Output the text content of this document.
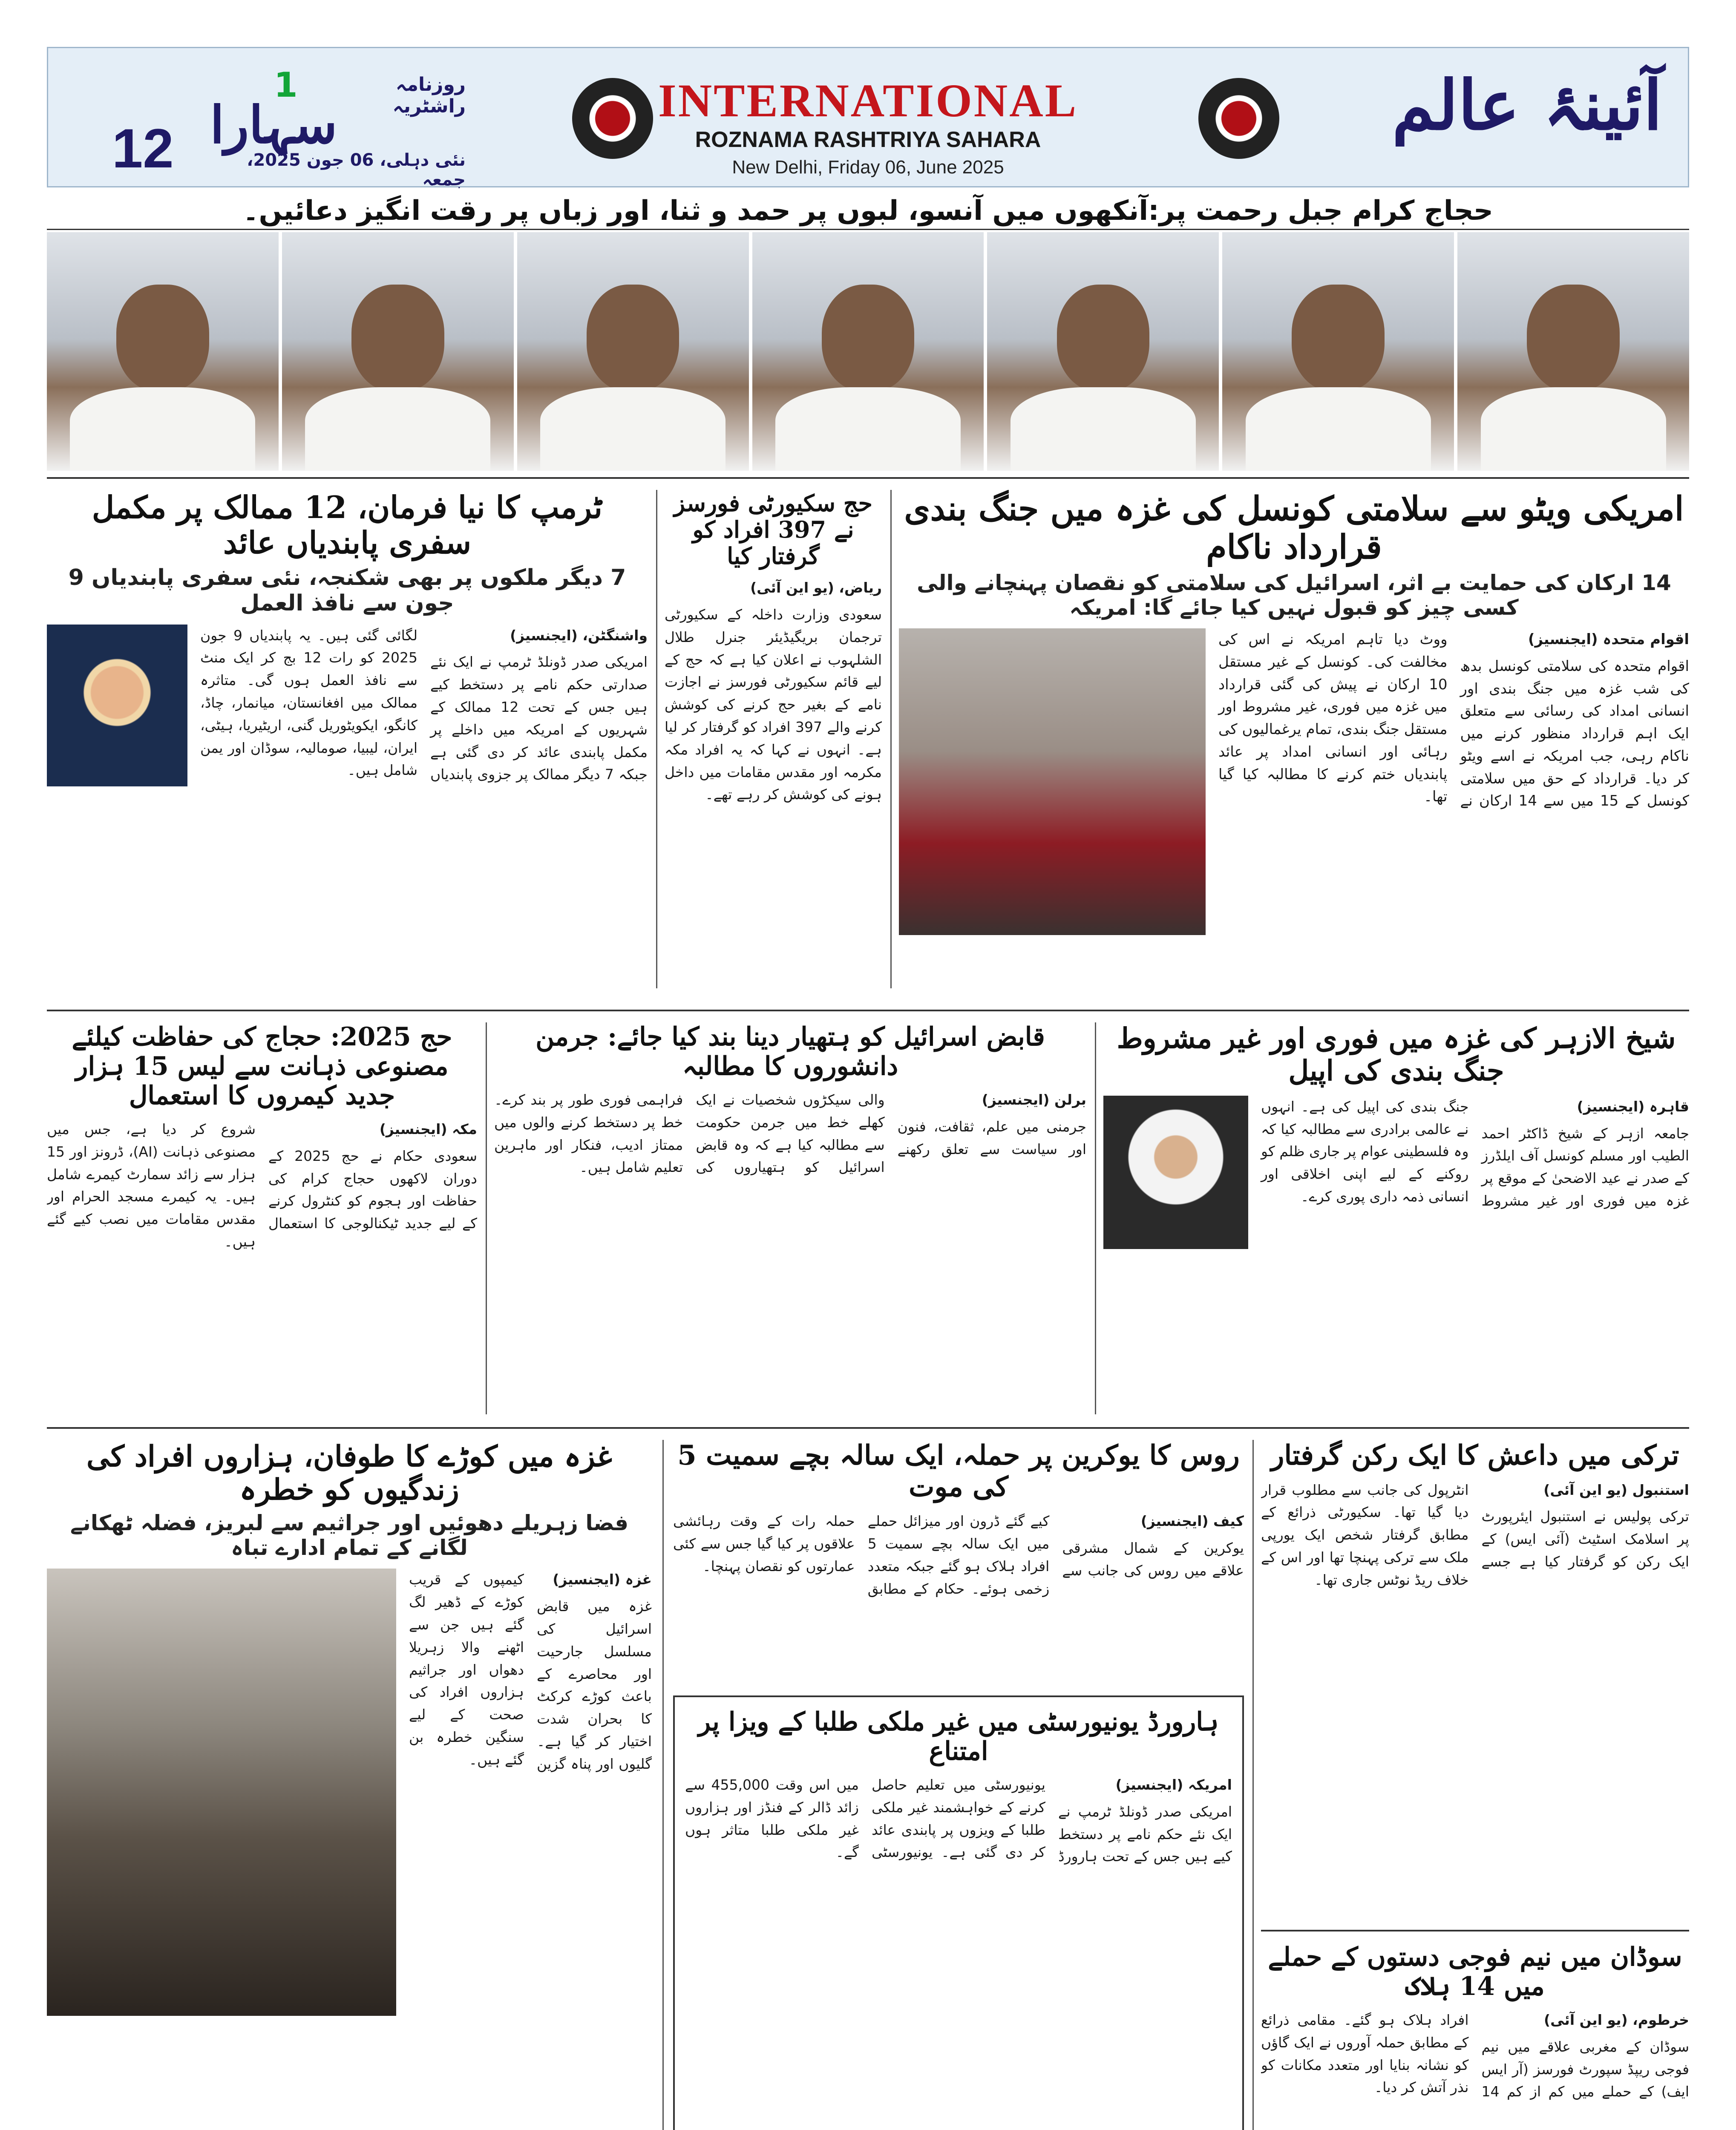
آئینۂ عالم
INTERNATIONAL
ROZNAMA RASHTRIYA SAHARA
New Delhi, Friday 06, June 2025
1
سہارا
روزنامہ راشٹریہ
نئی دہلی، 06 جون 2025، جمعہ
12
حجاج کرام جبل رحمت پر:آنکھوں میں آنسو، لبوں پر حمد و ثنا، اور زباں پر رقت انگیز دعائیں۔
امریکی ویٹو سے سلامتی کونسل کی غزہ میں جنگ بندی قرارداد ناکام
14 ارکان کی حمایت بے اثر، اسرائیل کی سلامتی کو نقصان پہنچانے والی کسی چیز کو قبول نہیں کیا جائے گا: امریکہ

اقوام متحدہ (ایجنسیز)

اقوام متحدہ کی سلامتی کونسل بدھ کی شب غزہ میں جنگ بندی اور انسانی امداد کی رسائی سے متعلق ایک اہم قرارداد منظور کرنے میں ناکام رہی، جب امریکہ نے اسے ویٹو کر دیا۔ قرارداد کے حق میں سلامتی کونسل کے 15 میں سے 14 ارکان نے ووٹ دیا تاہم امریکہ نے اس کی مخالفت کی۔ کونسل کے غیر مستقل 10 ارکان نے پیش کی گئی قرارداد میں غزہ میں فوری، غیر مشروط اور مستقل جنگ بندی، تمام یرغمالیوں کی رہائی اور انسانی امداد پر عائد پابندیاں ختم کرنے کا مطالبہ کیا گیا تھا۔

حج سکیورٹی فورسز نے 397 افراد کو گرفتار کیا

ریاض، (یو این آئی)

سعودی وزارت داخلہ کے سکیورٹی ترجمان بریگیڈیئر جنرل طلال الشلہوب نے اعلان کیا ہے کہ حج کے لیے قائم سکیورٹی فورسز نے اجازت نامے کے بغیر حج کرنے کی کوشش کرنے والے 397 افراد کو گرفتار کر لیا ہے۔ انہوں نے کہا کہ یہ افراد مکہ مکرمہ اور مقدس مقامات میں داخل ہونے کی کوشش کر رہے تھے۔

ٹرمپ کا نیا فرمان، 12 ممالک پر مکمل سفری پابندیاں عائد
7 دیگر ملکوں پر بھی شکنجہ، نئی سفری پابندیاں 9 جون سے نافذ العمل

واشنگٹن، (ایجنسیز)

امریکی صدر ڈونلڈ ٹرمپ نے ایک نئے صدارتی حکم نامے پر دستخط کیے ہیں جس کے تحت 12 ممالک کے شہریوں کے امریکہ میں داخلے پر مکمل پابندی عائد کر دی گئی ہے جبکہ 7 دیگر ممالک پر جزوی پابندیاں لگائی گئی ہیں۔ یہ پابندیاں 9 جون 2025 کو رات 12 بج کر ایک منٹ سے نافذ العمل ہوں گی۔ متاثرہ ممالک میں افغانستان، میانمار، چاڈ، کانگو، ایکویٹوریل گنی، اریٹیریا، ہیٹی، ایران، لیبیا، صومالیہ، سوڈان اور یمن شامل ہیں۔

شیخ الازہر کی غزہ میں فوری اور غیر مشروط جنگ بندی کی اپیل

قاہرہ (ایجنسیز)

جامعہ ازہر کے شیخ ڈاکٹر احمد الطیب اور مسلم کونسل آف ایلڈرز کے صدر نے عید الاضحیٰ کے موقع پر غزہ میں فوری اور غیر مشروط جنگ بندی کی اپیل کی ہے۔ انہوں نے عالمی برادری سے مطالبہ کیا کہ وہ فلسطینی عوام پر جاری ظلم کو روکنے کے لیے اپنی اخلاقی اور انسانی ذمہ داری پوری کرے۔

قابض اسرائیل کو ہتھیار دینا بند کیا جائے: جرمن دانشوروں کا مطالبہ

برلن (ایجنسیز)

جرمنی میں علم، ثقافت، فنون اور سیاست سے تعلق رکھنے والی سیکڑوں شخصیات نے ایک کھلے خط میں جرمن حکومت سے مطالبہ کیا ہے کہ وہ قابض اسرائیل کو ہتھیاروں کی فراہمی فوری طور پر بند کرے۔ خط پر دستخط کرنے والوں میں ممتاز ادیب، فنکار اور ماہرین تعلیم شامل ہیں۔

حج 2025: حجاج کی حفاظت کیلئے مصنوعی ذہانت سے لیس 15 ہزار جدید کیمروں کا استعمال

مکہ (ایجنسیز)

سعودی حکام نے حج 2025 کے دوران لاکھوں حجاج کرام کی حفاظت اور ہجوم کو کنٹرول کرنے کے لیے جدید ٹیکنالوجی کا استعمال شروع کر دیا ہے، جس میں مصنوعی ذہانت (AI)، ڈرونز اور 15 ہزار سے زائد سمارٹ کیمرے شامل ہیں۔ یہ کیمرے مسجد الحرام اور مقدس مقامات میں نصب کیے گئے ہیں۔

ترکی میں داعش کا ایک رکن گرفتار

استنبول (یو این آئی)

ترکی پولیس نے استنبول ایئرپورٹ پر اسلامک اسٹیٹ (آئی ایس) کے ایک رکن کو گرفتار کیا ہے جسے انٹرپول کی جانب سے مطلوب قرار دیا گیا تھا۔ سکیورٹی ذرائع کے مطابق گرفتار شخص ایک یورپی ملک سے ترکی پہنچا تھا اور اس کے خلاف ریڈ نوٹس جاری تھا۔

روس کا یوکرین پر حملہ، ایک سالہ بچے سمیت 5 کی موت

کیف (ایجنسیز)

یوکرین کے شمال مشرقی علاقے میں روس کی جانب سے کیے گئے ڈرون اور میزائل حملے میں ایک سالہ بچے سمیت 5 افراد ہلاک ہو گئے جبکہ متعدد زخمی ہوئے۔ حکام کے مطابق حملہ رات کے وقت رہائشی علاقوں پر کیا گیا جس سے کئی عمارتوں کو نقصان پہنچا۔

ہارورڈ یونیورسٹی میں غیر ملکی طلبا کے ویزا پر امتناع

امریکہ (ایجنسیز)

امریکی صدر ڈونلڈ ٹرمپ نے ایک نئے حکم نامے پر دستخط کیے ہیں جس کے تحت ہارورڈ یونیورسٹی میں تعلیم حاصل کرنے کے خواہشمند غیر ملکی طلبا کے ویزوں پر پابندی عائد کر دی گئی ہے۔ یونیورسٹی میں اس وقت 455,000 سے زائد ڈالر کے فنڈز اور ہزاروں غیر ملکی طلبا متاثر ہوں گے۔

غزہ میں کوڑے کا طوفان، ہزاروں افراد کی زندگیوں کو خطرہ
فضا زہریلے دھوئیں اور جراثیم سے لبریز، فضلہ ٹھکانے لگانے کے تمام ادارے تباہ

غزہ (ایجنسیز)

غزہ میں قابض اسرائیل کی مسلسل جارحیت اور محاصرے کے باعث کوڑے کرکٹ کا بحران شدت اختیار کر گیا ہے۔ گلیوں اور پناہ گزین کیمپوں کے قریب کوڑے کے ڈھیر لگ گئے ہیں جن سے اٹھنے والا زہریلا دھواں اور جراثیم ہزاروں افراد کی صحت کے لیے سنگین خطرہ بن گئے ہیں۔

سوڈان میں نیم فوجی دستوں کے حملے میں 14 ہلاک

خرطوم، (یو این آئی)

سوڈان کے مغربی علاقے میں نیم فوجی ریپڈ سپورٹ فورسز (آر ایس ایف) کے حملے میں کم از کم 14 افراد ہلاک ہو گئے۔ مقامی ذرائع کے مطابق حملہ آوروں نے ایک گاؤں کو نشانہ بنایا اور متعدد مکانات کو نذر آتش کر دیا۔
